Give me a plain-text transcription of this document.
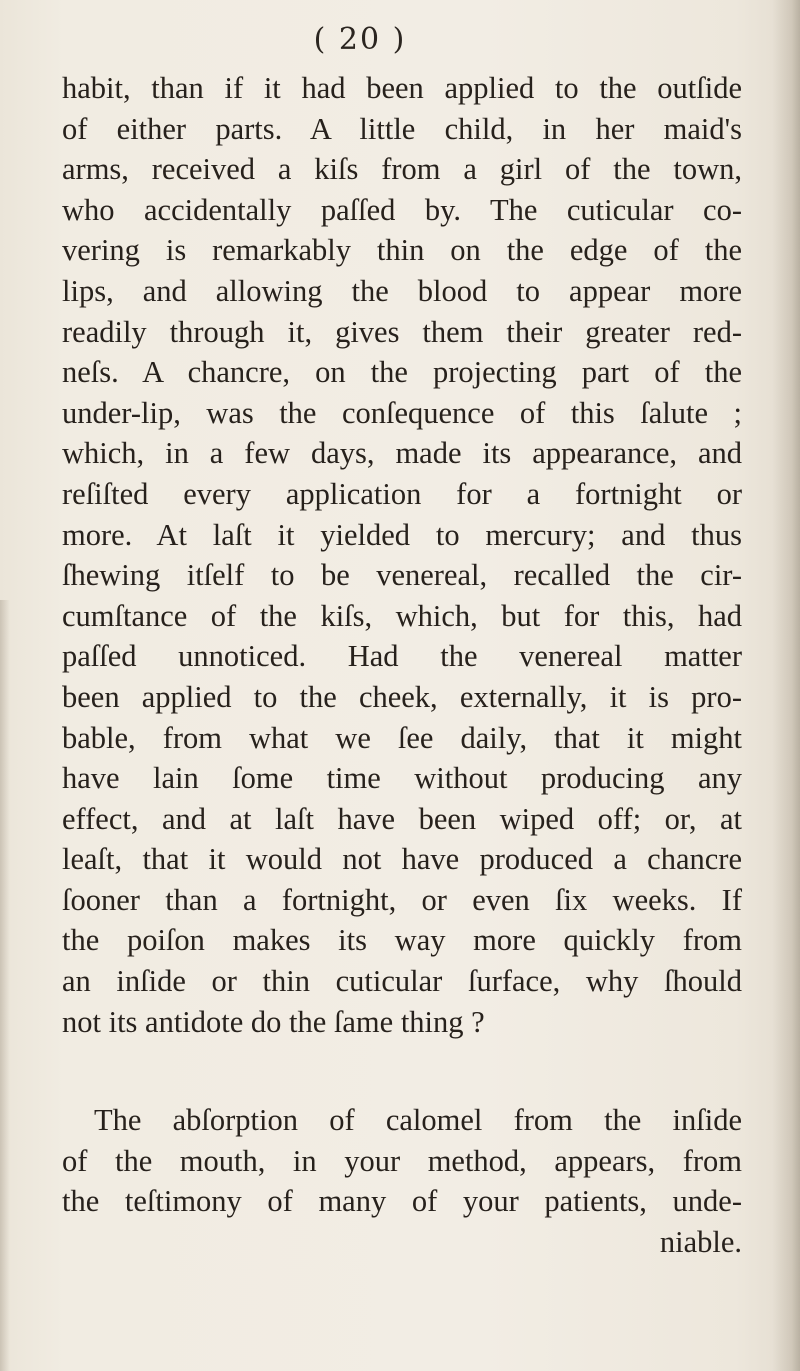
( 20 )
habit, than if it had been applied to the outſide
of either parts. A little child, in her maid's
arms, received a kiſs from a girl of the town,
who accidentally paſſed by. The cuticular co-
vering is remarkably thin on the edge of the
lips, and allowing the blood to appear more
readily through it, gives them their greater red-
neſs. A chancre, on the projecting part of the
under-lip, was the conſequence of this ſalute ;
which, in a few days, made its appearance, and
reſiſted every application for a fortnight or
more. At laſt it yielded to mercury; and thus
ſhewing itſelf to be venereal, recalled the cir-
cumſtance of the kiſs, which, but for this, had
paſſed unnoticed. Had the venereal matter
been applied to the cheek, externally, it is pro-
bable, from what we ſee daily, that it might
have lain ſome time without producing any
effect, and at laſt have been wiped off; or, at
leaſt, that it would not have produced a chancre
ſooner than a fortnight, or even ſix weeks. If
the poiſon makes its way more quickly from
an inſide or thin cuticular ſurface, why ſhould
not its antidote do the ſame thing ?
The abſorption of calomel from the inſide
of the mouth, in your method, appears, from
the teſtimony of many of your patients, unde-
niable.
